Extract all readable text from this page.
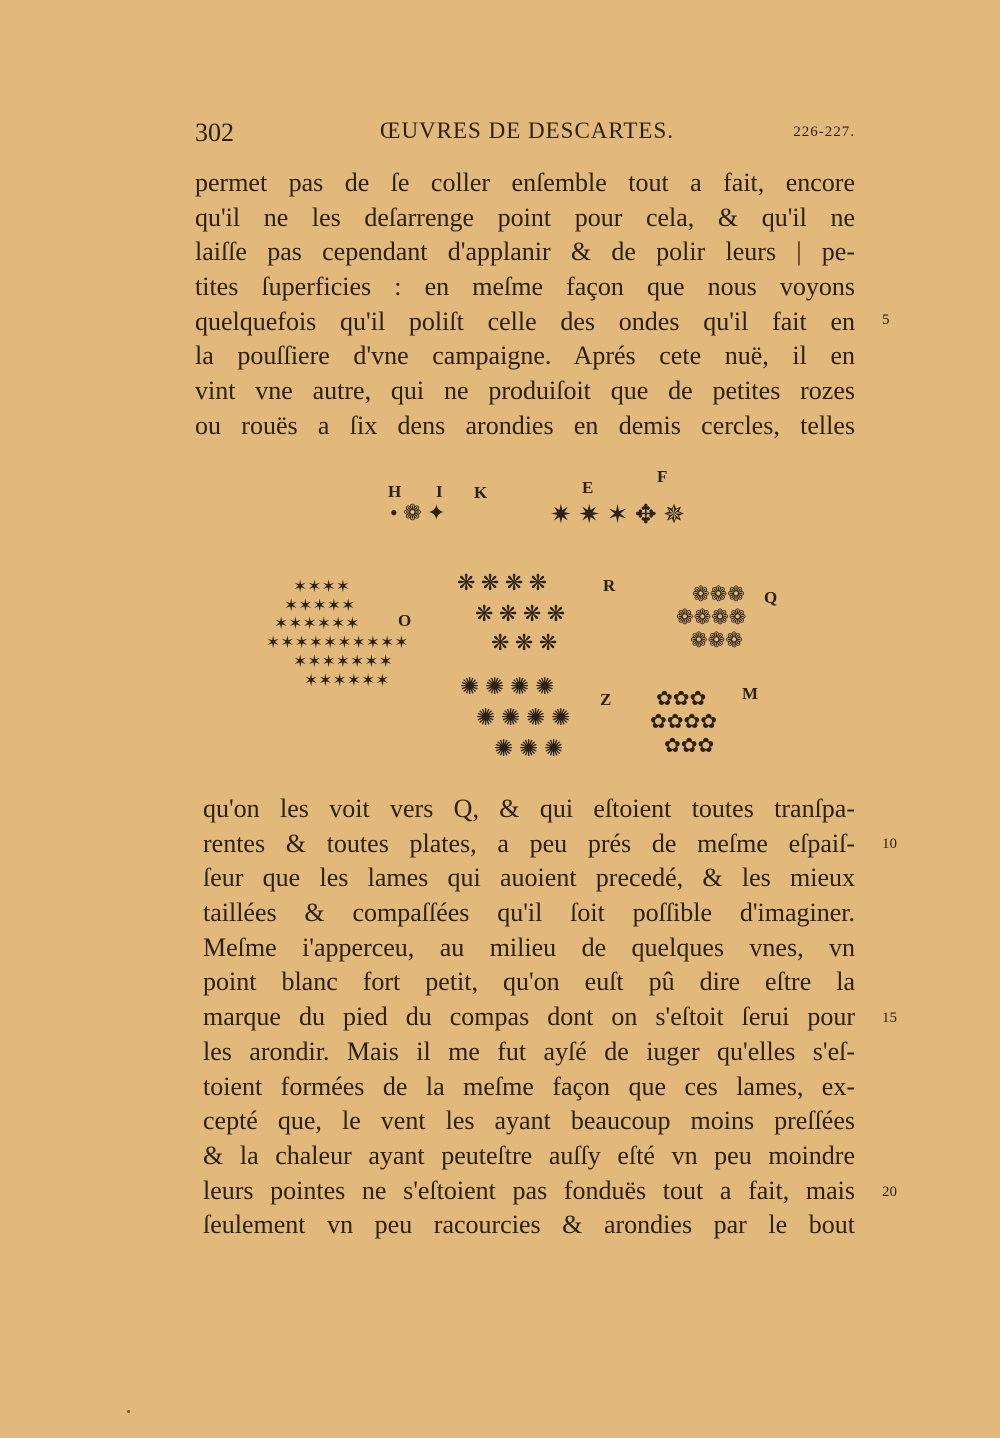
302	ŒUVRES DE DESCARTES.	226-227.
permet pas de ſe coller enſemble tout a fait, encore
qu'il ne les deſarrenge point pour cela, & qu'il ne
laiſſe pas cependant d'applanir & de polir leurs | pe-
tites ſuperficies : en meſme façon que nous voyons
quelquefois qu'il poliſt celle des ondes qu'il fait en
la pouſſiere d'vne campaigne. Aprés cete nuë, il en
vint vne autre, qui ne produiſoit que de petites rozes
ou rouës a ſix dens arondies en demis cercles, telles
5
H I K
• ❁ ✦
E
F
✷ ✷ ✶ ✥ ✵
✶✶✶✶
✶✶✶✶✶
✶✶✶✶✶✶ O
✶✶✶✶✶✶✶✶✶✶
✶✶✶✶✶✶✶
✶✶✶✶✶✶
❋ ❋ ❋ ❋	R
❋ ❋ ❋ ❋
❋ ❋ ❋
❁❁❁ Q
❁❁❁❁
❁❁❁
✺ ✺ ✺ ✺
Z
✺ ✺ ✺ ✺
✺ ✺ ✺
✿✿✿ M
✿✿✿✿
✿✿✿
qu'on les voit vers Q, & qui eſtoient toutes tranſpa-
rentes & toutes plates, a peu prés de meſme eſpaiſ-
ſeur que les lames qui auoient precedé, & les mieux
taillées & compaſſées qu'il ſoit poſſible d'imaginer.
Meſme i'apperceu, au milieu de quelques vnes, vn
point blanc fort petit, qu'on euſt pû dire eſtre la
marque du pied du compas dont on s'eſtoit ſerui pour
les arondir. Mais il me fut ayſé de iuger qu'elles s'eſ-
toient formées de la meſme façon que ces lames, ex-
cepté que, le vent les ayant beaucoup moins preſſées
& la chaleur ayant peuteſtre auſſy eſté vn peu moindre
leurs pointes ne s'eſtoient pas fonduës tout a fait, mais
ſeulement vn peu racourcies & arondies par le bout
10
15
20
